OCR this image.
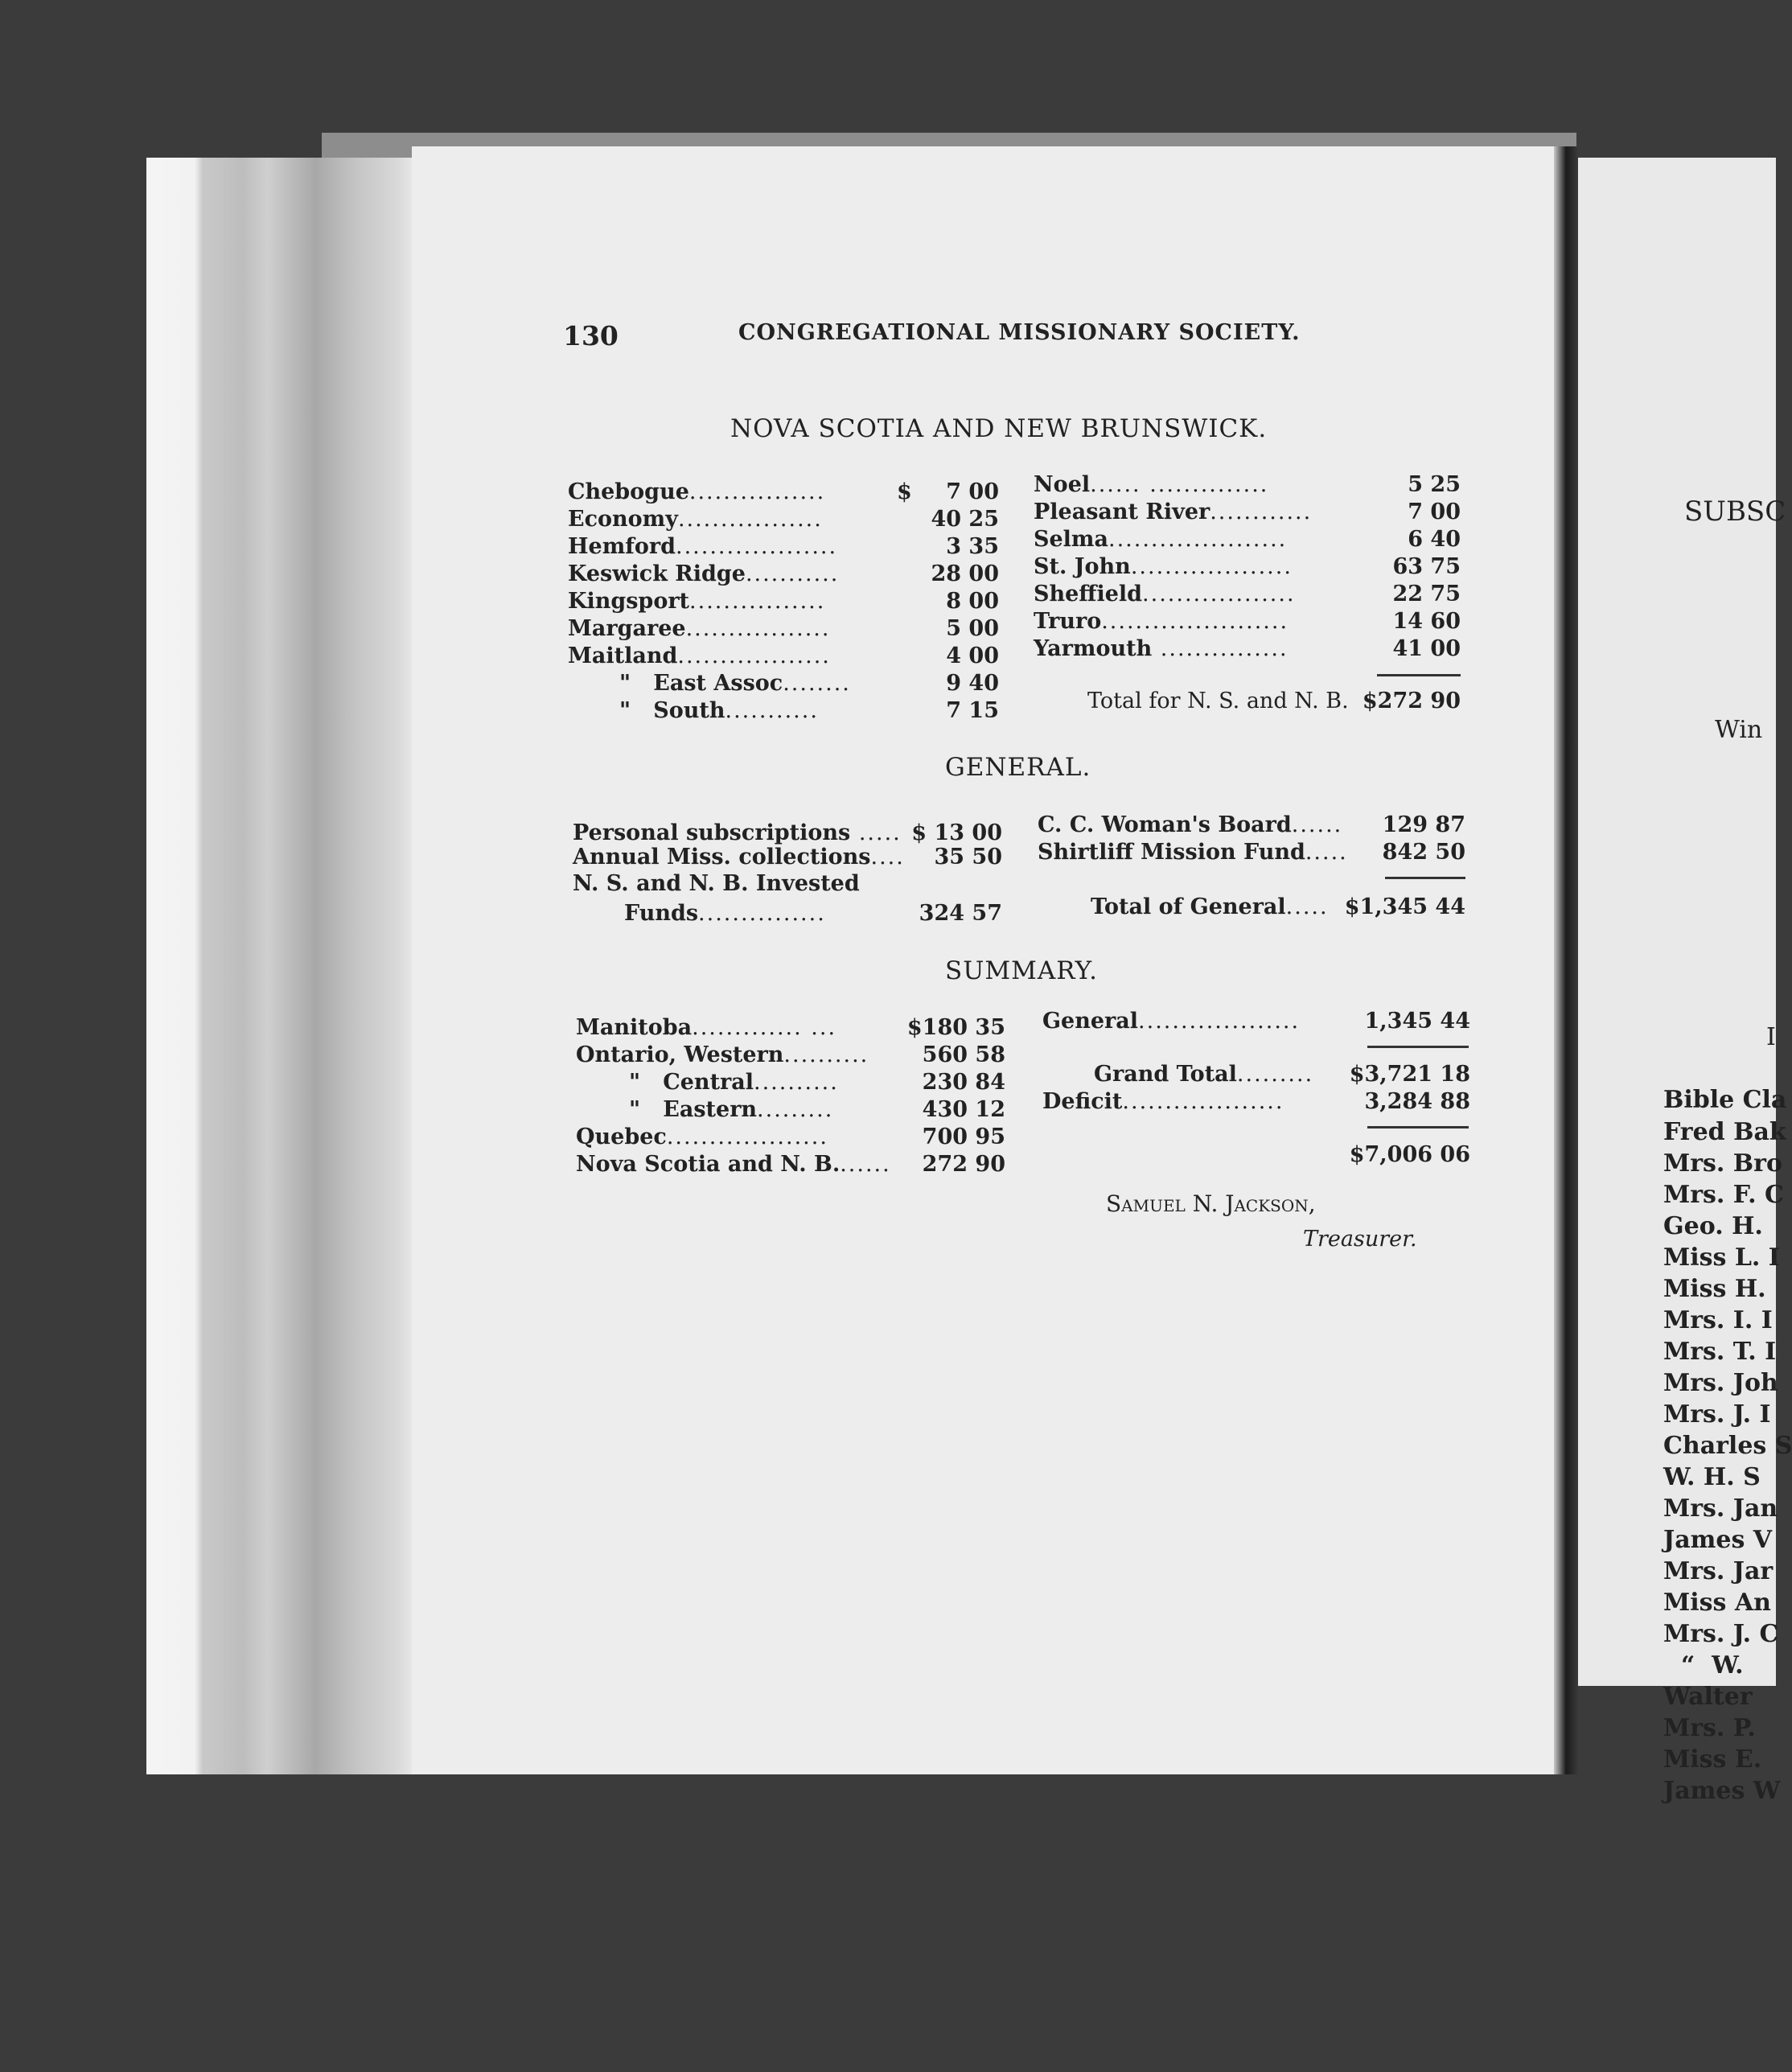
130	CONGREGATIONAL MISSIONARY SOCIETY.
NOVA SCOTIA AND NEW BRUNSWICK.
Chebogue................	$ 7 00
Economy.................	40 25
Hemford...................	3 35
Keswick Ridge...........	28 00
Kingsport................	8 00
Margaree.................	5 00
Maitland..................	4 00
"   East Assoc........	9 40
"   South...........	7 15
Noel...... ..............	5 25
Pleasant River............	7 00
Selma.....................	6 40
St. John...................	63 75
Sheffield..................	22 75
Truro......................	14 60
Yarmouth ...............	41 00
Total for N. S. and N. B. $272 90
GENERAL.
Personal subscriptions ..... $ 13 00
Annual Miss. collections.... 35 50
N. S. and N. B. Invested
Funds...............	324 57
C. C. Woman's Board...... 129 87
Shirtliff Mission Fund..... 842 50
Total of General..... $1,345 44
SUMMARY.
Manitoba............. ...	$180 35
Ontario, Western.......... 560 58
"   Central..........	230 84
"   Eastern.........	430 12
Quebec...................	700 95
Nova Scotia and N. B....... 272 90
General...................	1,345 44
Grand Total......... $3,721 18
Deficit...................	3,284 88
$7,006 06
Samuel N. Jackson,
Treasurer.
SUBSC
Win
I
Bible Cla
Fred Bak
Mrs. Bro
Mrs. F. C
Geo. H.
Miss L. I
Miss H.
Mrs. I. I
Mrs. T. I
Mrs. Joh
Mrs. J. I
Charles S
W. H. S
Mrs. Jan
James V
Mrs. Jar
Miss An
Mrs. J. C
“  W.
Walter
Mrs. P.
Miss E.
James W
